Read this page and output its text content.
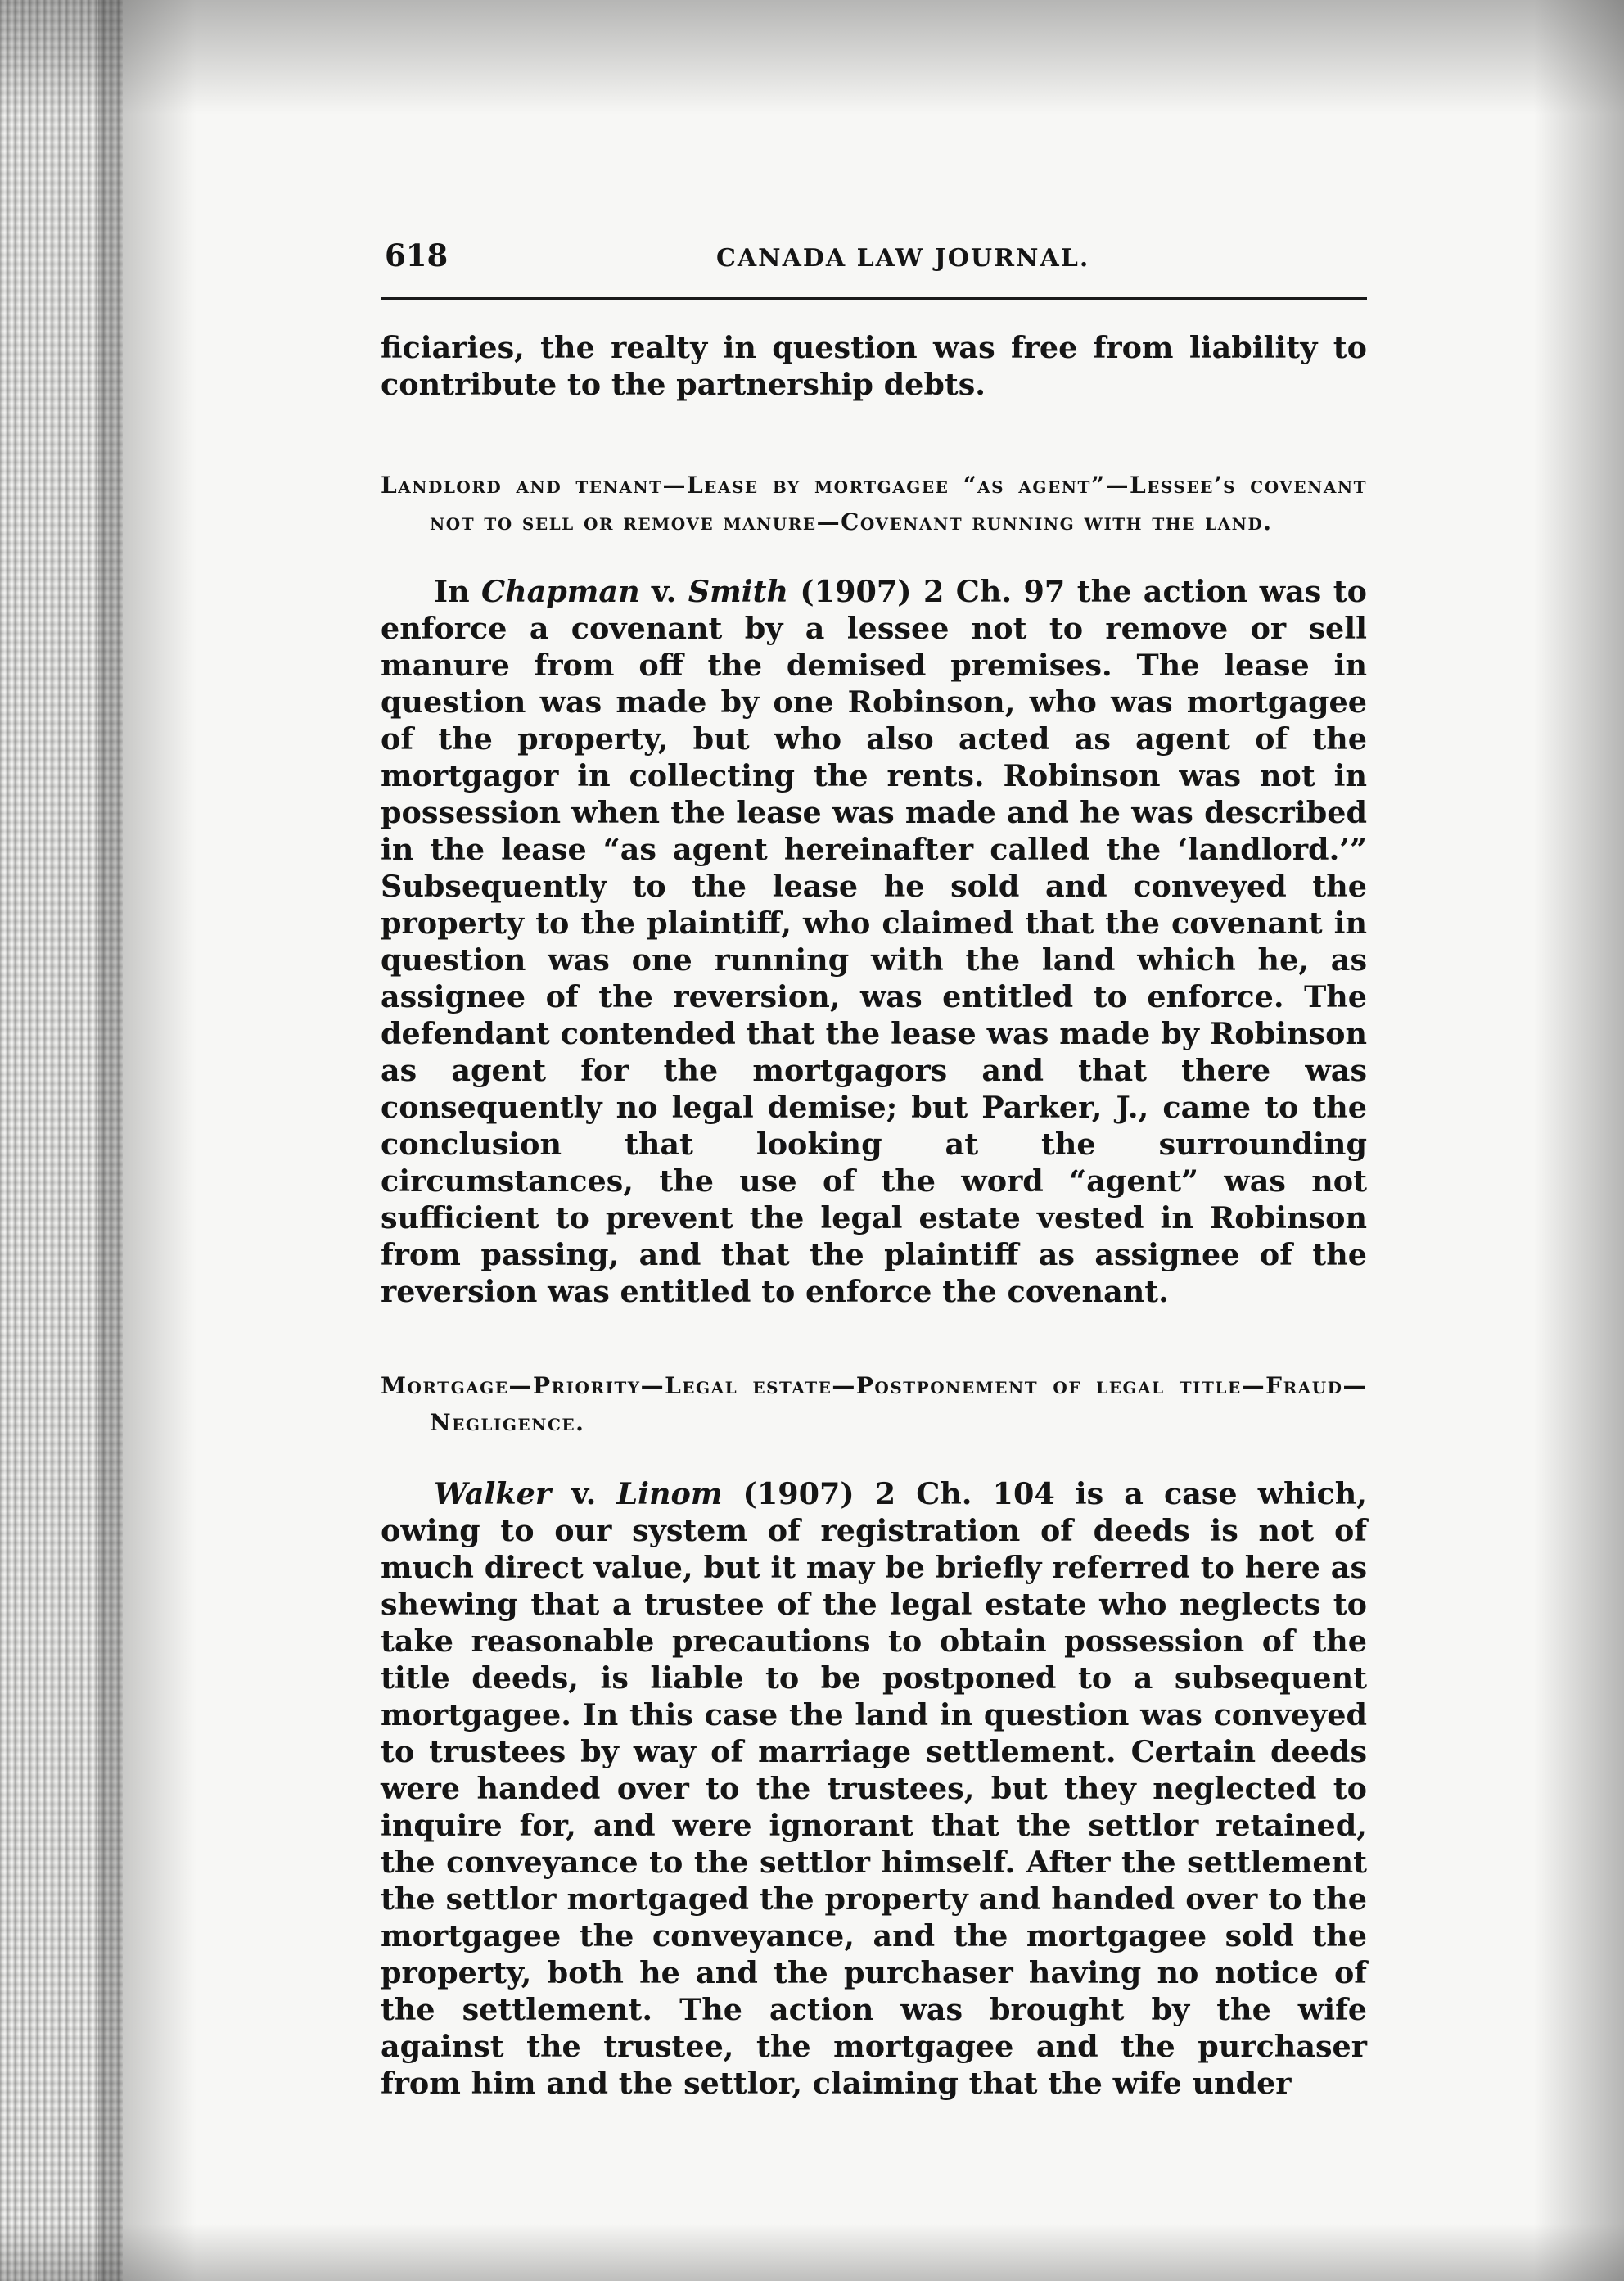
618	CANADA LAW JOURNAL.

ficiaries, the realty in question was free from liability to contribute to the partnership debts.

Landlord and tenant—Lease by mortgagee “as agent”—Lessee’s covenant not to sell or remove manure—Covenant running with the land.

In Chapman v. Smith (1907) 2 Ch. 97 the action was to enforce a covenant by a lessee not to remove or sell manure from off the demised premises. The lease in question was made by one Robinson, who was mortgagee of the property, but who also acted as agent of the mortgagor in collecting the rents. Robinson was not in possession when the lease was made and he was described in the lease “as agent hereinafter called the ‘landlord.’” Subsequently to the lease he sold and conveyed the property to the plaintiff, who claimed that the covenant in question was one running with the land which he, as assignee of the reversion, was entitled to enforce. The defendant contended that the lease was made by Robinson as agent for the mortgagors and that there was consequently no legal demise; but Parker, J., came to the conclusion that looking at the surrounding circumstances, the use of the word “agent” was not sufficient to prevent the legal estate vested in Robinson from passing, and that the plaintiff as assignee of the reversion was entitled to enforce the covenant.

Mortgage—Priority—Legal estate—Postponement of legal title—Fraud—Negligence.

Walker v. Linom (1907) 2 Ch. 104 is a case which, owing to our system of registration of deeds is not of much direct value, but it may be briefly referred to here as shewing that a trustee of the legal estate who neglects to take reasonable precautions to obtain possession of the title deeds, is liable to be postponed to a subsequent mortgagee. In this case the land in question was conveyed to trustees by way of marriage settlement. Certain deeds were handed over to the trustees, but they neglected to inquire for, and were ignorant that the settlor retained, the conveyance to the settlor himself. After the settlement the settlor mortgaged the property and handed over to the mortgagee the conveyance, and the mortgagee sold the property, both he and the purchaser having no notice of the settlement. The action was brought by the wife against the trustee, the mortgagee and the purchaser from him and the settlor, claiming that the wife under
